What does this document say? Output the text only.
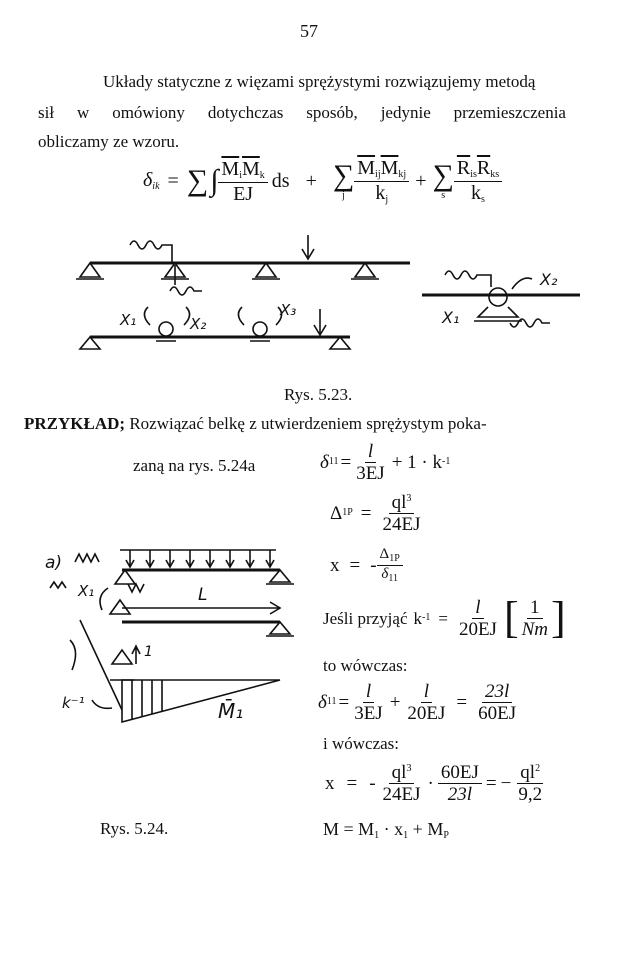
57
Układy statyczne z więzami sprężystymi rozwiązujemy metodą
sił w omówiony dotychczas sposób, jedynie przemieszczenia
obliczamy ze wzoru.
$\delta_{ik}$ = ∑ ∫ $\frac{\overline{M}_i\overline{M}_k}{EJ}$ ds + ∑
j $\frac{\overline{M}_{ij}\overline{M}_{kj}}{k_j}$ + ∑
s $\frac{\overline{R}_{is}\overline{R}_{ks}}{k_s}$
X₁	X₂
X₃
X₂
X₁
Rys. 5.23.
PRZYKŁAD; Rozwiązać belkę z utwierdzeniem sprężystym poka-
zaną na rys. 5.24a	δ $11 = \frac{l}{3EJ} + 1 \cdot k$ -1
Δ $1P = \frac{ql^3}{24EJ}$
x = - $\frac{\Delta_{1P}}{\delta_{11}}$
Jeśli przyjąć k $-1 = \frac{l}{20EJ}$ [ $\frac{1}{Nm}$ ]
to wówczas:
δ $11 = \frac{l}{3EJ} + \frac{l}{20EJ} = \frac{23l}{60EJ}$
i wówczas:
x = - $\frac{ql^3}{24EJ} \cdot \frac{60EJ}{23l}$ = − $\frac{ql^2}{9,2}$
$M = M_1 \cdot x_1 + M_P$
a)
L
X₁
1
k⁻¹	M̄₁
Rys. 5.24.
